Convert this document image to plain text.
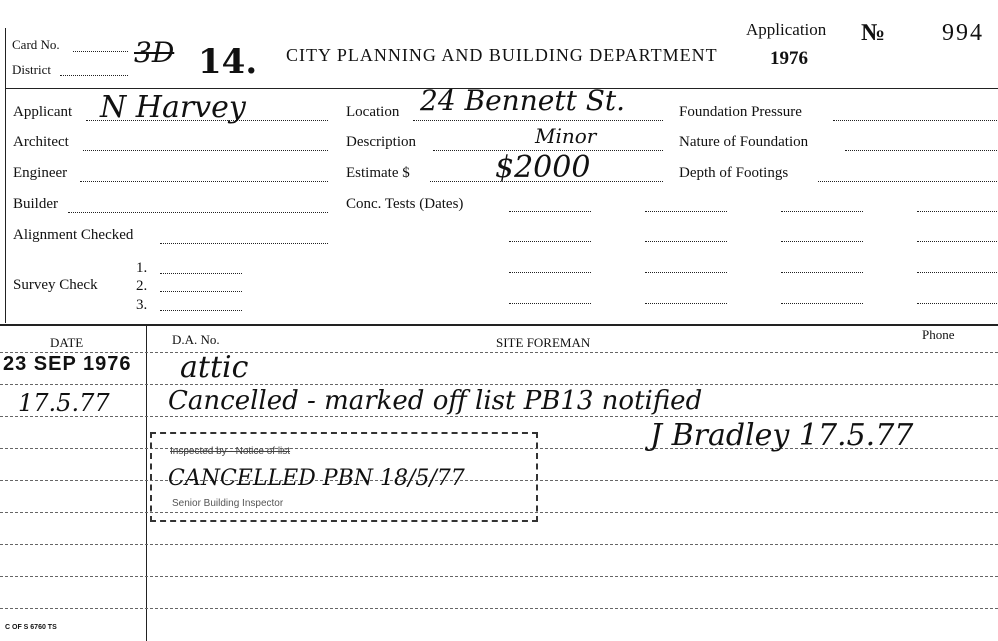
Card No.
District
3D 14. CITY PLANNING AND BUILDING DEPARTMENT
Application
1976
№ 994
Applicant N Harvey
Architect
Engineer
Builder
Alignment Checked
Survey Check
1.
2.
3.
Location 24 Bennett St.
Description	Minor
Estimate $	$2000
Conc. Tests (Dates)
Foundation Pressure
Nature of Foundation
Depth of Footings
DATE	D.A. No.	SITE FOREMAN
Phone
23 SEP 1976 attic
17.5.77 Cancelled - marked off list PB13 notified
J Bradley 17.5.77
Inspected by · Notice of list
CANCELLED PBN 18/5/77
Senior Building Inspector
C OF S 6760 TS
